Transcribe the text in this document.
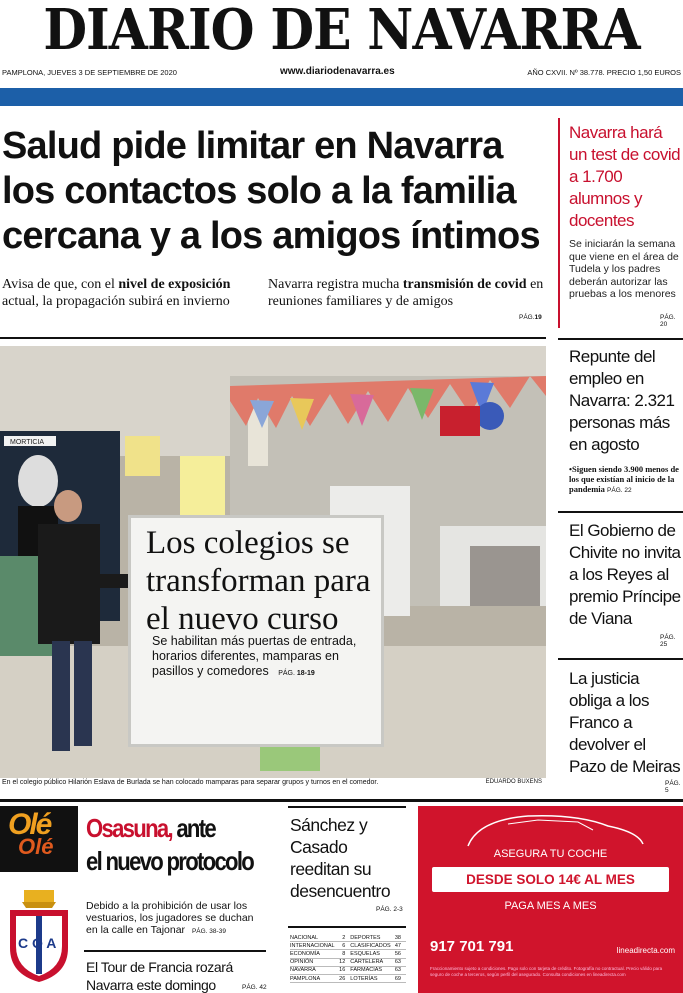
DIARIO DE NAVARRA
PAMPLONA, JUEVES 3 DE SEPTIEMBRE DE 2020	www.diariodenavarra.es	AÑO CXVII. Nº 38.778. PRECIO 1,50 EUROS
Salud pide limitar en Navarra los contactos solo a la familia cercana y a los amigos íntimos
Avisa de que, con el nivel de exposición actual, la propagación subirá en invierno
Navarra registra mucha transmisión de covid en reuniones familiares y de amigos
PÁG.19
MORTICIA
Los colegios se transforman para el nuevo curso
Se habilitan más puertas de entrada, horarios diferentes, mamparas en pasillos y comedores PÁG. 18-19
En el colegio público Hilarión Eslava de Burlada se han colocado mamparas para separar grupos y turnos en el comedor.	EDUARDO BUXENS
Navarra hará un test de covid a 1.700 alumnos y docentes
Se iniciarán la semana que viene en el área de Tudela y los padres deberán autorizar las pruebas a los menores
PÁG. 20
Repunte del empleo en Navarra: 2.321 personas más en agosto
•Siguen siendo 3.900 menos de los que existían al inicio de la pandemia PÁG. 22
El Gobierno de Chivite no invita a los Reyes al premio Príncipe de Viana
PÁG. 25
La justicia obliga a los Franco a devolver el Pazo de Meiras
PÁG. 5
Olé
Olé
Osasuna, ante
el nuevo protocolo
Debido a la prohibición de usar los vestuarios, los jugadores se duchan en la calle en Tajonar PÁG. 38-39
C O A
El Tour de Francia rozará Navarra este domingo	PÁG. 42
Sánchez y Casado reeditan su desencuentro
PÁG. 2-3
NACIONAL	2	DEPORTES	38
INTERNACIONAL	6	CLASIFICADOS	47
ECONOMÍA	8	ESQUELAS	56
OPINIÓN	12	CARTELERA	63
NAVARRA	16	FARMACIAS	63
PAMPLONA	26	LOTERÍAS	69
ASEGURA TU COCHE
DESDE SOLO 14€ AL MES
PAGA MES A MES
917 701 791	lineadirecta.com
Fraccionamiento sujeto a condiciones. Pago solo con tarjeta de crédito. Fotografía no contractual. Precio válido para seguro de coche a terceros, según perfil del asegurado. Consulta condiciones en lineadirecta.com
